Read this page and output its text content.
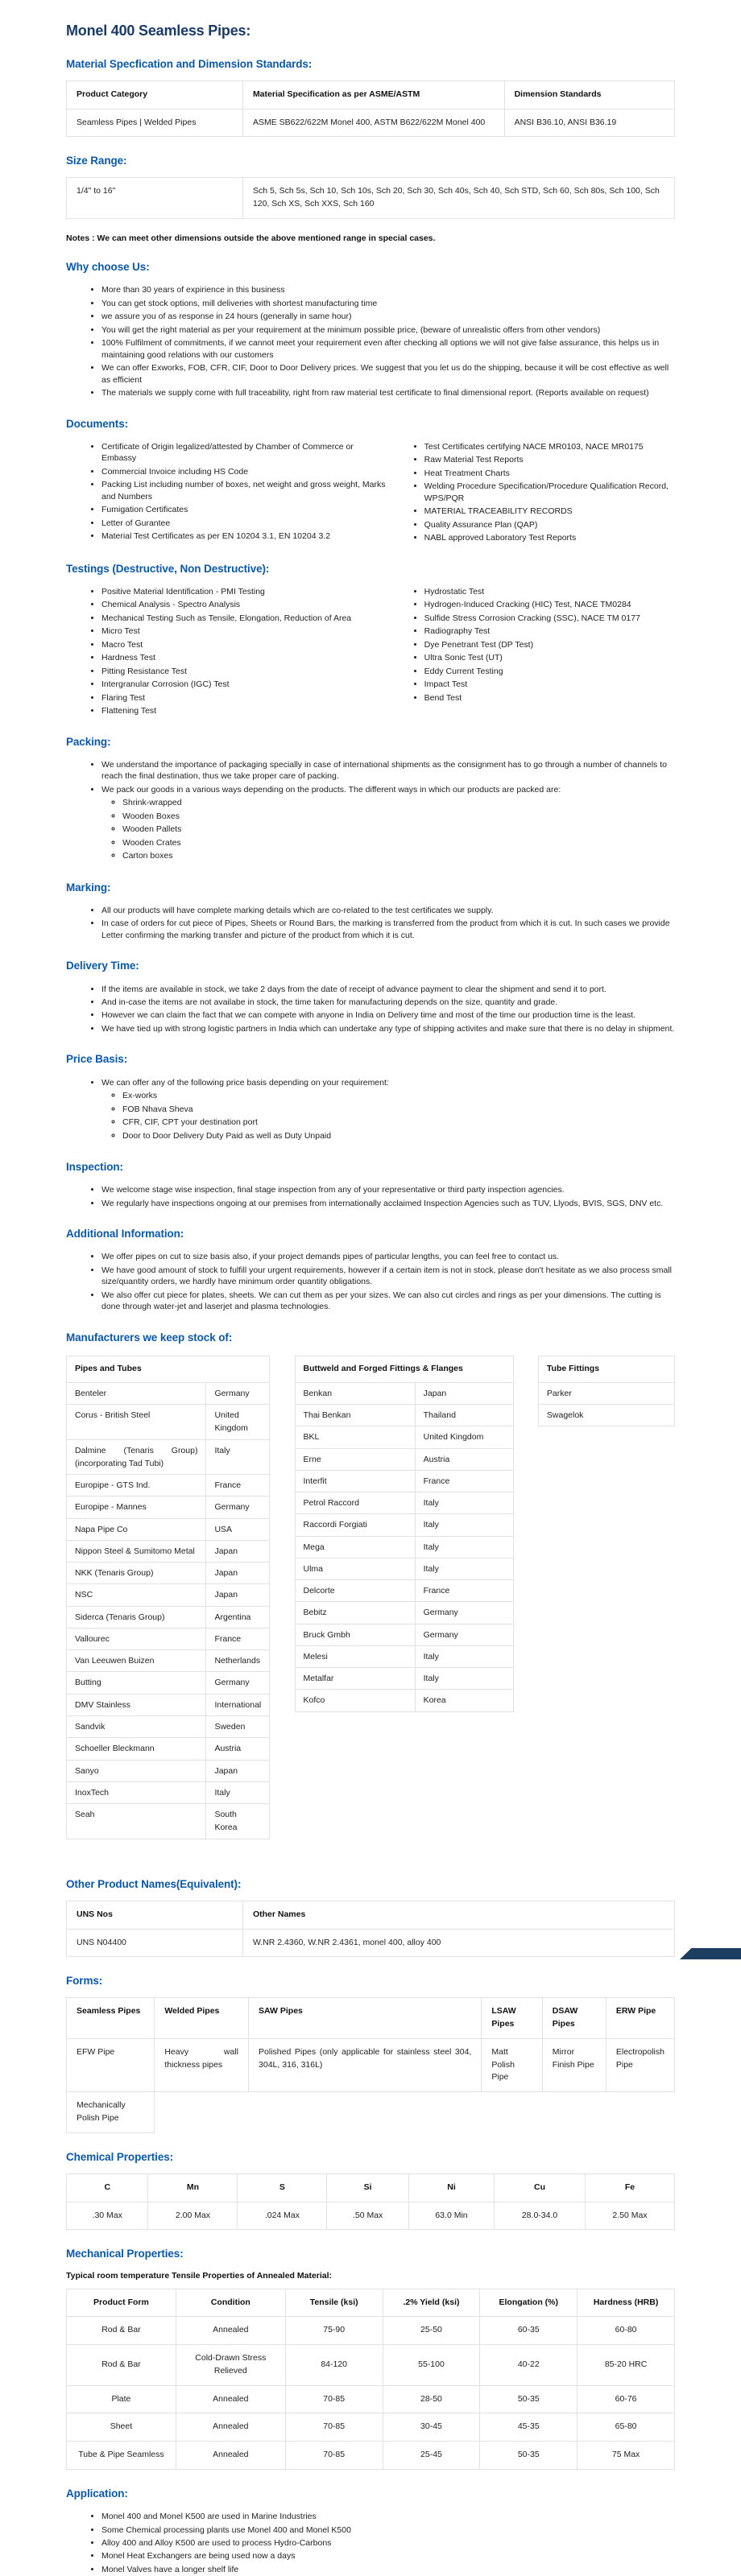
Monel 400 Seamless Pipes:
Material Specfication and Dimension Standards:
Product Category	Material Specification as per ASME/ASTM	Dimension Standards
Seamless Pipes | Welded Pipes	ASME SB622/622M Monel 400, ASTM B622/622M Monel 400	ANSI B36.10, ANSI B36.19
Size Range:
1/4" to 16"	Sch 5, Sch 5s, Sch 10, Sch 10s, Sch 20, Sch 30, Sch 40s, Sch 40, Sch STD, Sch 60, Sch 80s, Sch 100, Sch 120, Sch XS, Sch XXS, Sch 160

Notes : We can meet other dimensions outside the above mentioned range in special cases.

Why choose Us:
• More than 30 years of expirience in this business
• You can get stock options, mill deliveries with shortest manufacturing time
• we assure you of as response in 24 hours (generally in same hour)
• You will get the right material as per your requirement at the minimum possible price, (beware of unrealistic offers from other vendors)
• 100% Fulfilment of commitments, if we cannot meet your requirement even after checking all options we will not give false assurance, this helps us in maintaining good relations with our customers
• We can offer Exworks, FOB, CFR, CIF, Door to Door Delivery prices. We suggest that you let us do the shipping, because it will be cost effective as well as efficient
• The materials we supply come with full traceability, right from raw material test certificate to final dimensional report. (Reports available on request)
Documents:
• Certificate of Origin legalized/attested by Chamber of Commerce or Embassy
• Commercial Invoice including HS Code
• Packing List including number of boxes, net weight and gross weight, Marks and Numbers
• Fumigation Certificates
• Letter of Gurantee
• Material Test Certificates as per EN 10204 3.1, EN 10204 3.2
• Test Certificates certifying NACE MR0103, NACE MR0175
• Raw Material Test Reports
• Heat Treatment Charts
• Welding Procedure Specification/Procedure Qualification Record, WPS/PQR
• MATERIAL TRACEABILITY RECORDS
• Quality Assurance Plan (QAP)
• NABL approved Laboratory Test Reports
Testings (Destructive, Non Destructive):
• Positive Material Identification - PMI Testing
• Chemical Analysis - Spectro Analysis
• Mechanical Testing Such as Tensile, Elongation, Reduction of Area
• Micro Test
• Macro Test
• Hardness Test
• Pitting Resistance Test
• Intergranular Corrosion (IGC) Test
• Flaring Test
• Flattening Test
• Hydrostatic Test
• Hydrogen-Induced Cracking (HIC) Test, NACE TM0284
• Sulfide Stress Corrosion Cracking (SSC), NACE TM 0177
• Radiography Test
• Dye Penetrant Test (DP Test)
• Ultra Sonic Test (UT)
• Eddy Current Testing
• Impact Test
• Bend Test
Packing:
• We understand the importance of packaging specially in case of international shipments as the consignment has to go through a number of channels to reach the final destination, thus we take proper care of packing.
• We pack our goods in a various ways depending on the products. The different ways in which our products are packed are:
◦ Shrink-wrapped
◦ Wooden Boxes
◦ Wooden Pallets
◦ Wooden Crates
◦ Carton boxes
Marking:
• All our products will have complete marking details which are co-related to the test certificates we supply.
• In case of orders for cut piece of Pipes, Sheets or Round Bars, the marking is transferred from the product from which it is cut. In such cases we provide Letter confirming the marking transfer and picture of the product from which it is cut.
Delivery Time:
• If the items are available in stock, we take 2 days from the date of receipt of advance payment to clear the shipment and send it to port.
• And in-case the items are not availabe in stock, the time taken for manufacturing depends on the size, quantity and grade.
• However we can claim the fact that we can compete with anyone in India on Delivery time and most of the time our production time is the least.
• We have tied up with strong logistic partners in India which can undertake any type of shipping activites and make sure that there is no delay in shipment.
Price Basis:
• We can offer any of the following price basis depending on your requirement:
◦ Ex-works
◦ FOB Nhava Sheva
◦ CFR, CIF, CPT your destination port
◦ Door to Door Delivery Duty Paid as well as Duty Unpaid
Inspection:
• We welcome stage wise inspection, final stage inspection from any of your representative or third party inspection agencies.
• We regularly have inspections ongoing at our premises from internationally acclaimed Inspection Agencies such as TUV, Llyods, BVIS, SGS, DNV etc.
Additional Information:
• We offer pipes on cut to size basis also, if your project demands pipes of particular lengths, you can feel free to contact us.
• We have good amount of stock to fulfill your urgent requirements, however if a certain item is not in stock, please don't hesitate as we also process small size/quantity orders, we hardly have minimum order quantity obligations.
• We also offer cut piece for plates, sheets. We can cut them as per your sizes. We can also cut circles and rings as per your dimensions. The cutting is done through water-jet and laserjet and plasma technologies.
Manufacturers we keep stock of:
Pipes and Tubes	
Benteler	Germany
Corus - British Steel	United Kingdom
Dalmine (Tenaris Group) (incorporating Tad Tubi)	Italy
Europipe - GTS Ind.	France
Europipe - Mannes	Germany
Napa Pipe Co	USA
Nippon Steel & Sumitomo Metal	Japan
NKK (Tenaris Group)	Japan
NSC	Japan
Siderca (Tenaris Group)	Argentina
Vallourec	France
Van Leeuwen Buizen	Netherlands
Butting	Germany
DMV Stainless	International
Sandvik	Sweden
Schoeller Bleckmann	Austria
Sanyo	Japan
InoxTech	Italy
Seah	South Korea
Buttweld and Forged Fittings & Flanges	
Benkan	Japan
Thai Benkan	Thailand
BKL	United Kingdom
Erne	Austria
Interfit	France
Petrol Raccord	Italy
Raccordi Forgiati	Italy
Mega	Italy
Ulma	Italy
Delcorte	France
Bebitz	Germany
Bruck Gmbh	Germany
Melesi	Italy
Metalfar	Italy
Kofco	Korea
Tube Fittings
Parker
Swagelok
Other Product Names(Equivalent):
UNS Nos	Other Names
UNS N04400	W.NR 2.4360, W.NR 2.4361, monel 400, alloy 400
Forms:
Seamless Pipes	Welded Pipes	SAW Pipes	LSAW Pipes	DSAW Pipes	ERW Pipe
EFW Pipe	Heavy wall thickness pipes	Polished Pipes (only applicable for stainless steel 304, 304L, 316, 316L)	Matt Polish Pipe	Mirror Finish Pipe	Electropolish Pipe
Mechanically Polish Pipe					
Chemical Properties:
C	Mn	S	Si	Ni	Cu	Fe
.30 Max	2.00 Max	.024 Max	.50 Max	63.0 Min	28.0-34.0	2.50 Max
Mechanical Properties:

Typical room temperature Tensile Properties of Annealed Material:

Product Form	Condition	Tensile (ksi)	.2% Yield (ksi)	Elongation (%)	Hardness (HRB)
Rod & Bar	Annealed	75-90	25-50	60-35	60-80
Rod & Bar	Cold-Drawn Stress Relieved	84-120	55-100	40-22	85-20 HRC
Plate	Annealed	70-85	28-50	50-35	60-76
Sheet	Annealed	70-85	30-45	45-35	65-80
Tube & Pipe Seamless	Annealed	70-85	25-45	50-35	75 Max
Application:
• Monel 400 and Monel K500 are used in Marine Industries
• Some Chemical processing plants use Monel 400 and Monel K500
• Alloy 400 and Alloy K500 are used to process Hydro-Carbons
• Monel Heat Exchangers are being used now a days
• Monel Valves have a longer shelf life
